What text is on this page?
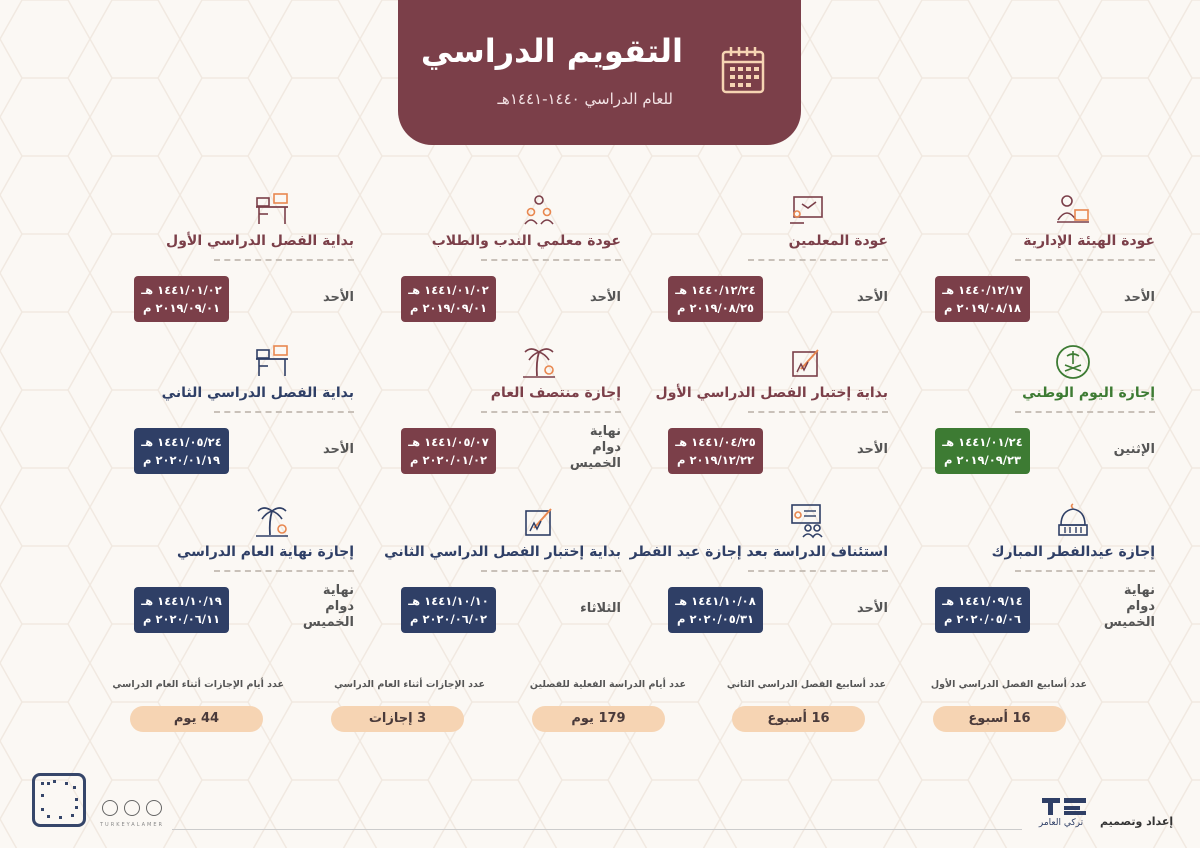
التقويم الدراسي
للعام الدراسي ١٤٤٠-١٤٤١هـ
عودة الهيئة الإدارية
الأحد
١٤٤٠/١٢/١٧ هـ
٢٠١٩/٠٨/١٨ م
عودة المعلمين
الأحد
١٤٤٠/١٢/٢٤ هـ
٢٠١٩/٠٨/٢٥ م
عودة معلمي الندب والطلاب
الأحد
١٤٤١/٠١/٠٢ هـ
٢٠١٩/٠٩/٠١ م
بداية الفصل الدراسي الأول
الأحد
١٤٤١/٠١/٠٢ هـ
٢٠١٩/٠٩/٠١ م
إجازة اليوم الوطني
الإثنين
١٤٤١/٠١/٢٤ هـ
٢٠١٩/٠٩/٢٣ م
بداية إختبار الفصل الدراسي الأول
الأحد
١٤٤١/٠٤/٢٥ هـ
٢٠١٩/١٢/٢٢ م
إجازة منتصف العام
نهاية
دوام
الخميس
١٤٤١/٠٥/٠٧ هـ
٢٠٢٠/٠١/٠٢ م
بداية الفصل الدراسي الثاني
الأحد
١٤٤١/٠٥/٢٤ هـ
٢٠٢٠/٠١/١٩ م
إجازة عيدالفطر المبارك
نهاية
دوام
الخميس
١٤٤١/٠٩/١٤ هـ
٢٠٢٠/٠٥/٠٦ م
استئناف الدراسة بعد إجازة عيد الفطر
الأحد
١٤٤١/١٠/٠٨ هـ
٢٠٢٠/٠٥/٣١ م
بداية إختبار الفصل الدراسي الثاني
الثلاثاء
١٤٤١/١٠/١٠ هـ
٢٠٢٠/٠٦/٠٢ م
إجازة نهاية العام الدراسي
نهاية
دوام
الخميس
١٤٤١/١٠/١٩ هـ
٢٠٢٠/٠٦/١١ م
عدد أسابيع الفصل الدراسي الأول
16 أسبوع
عدد أسابيع الفصل الدراسي الثاني
16 أسبوع
عدد أيام الدراسة الفعلية للفصلين
179 يوم
عدد الإجازات أثناء العام الدراسي
3 إجازات
عدد أيام الإجازات أثناء العام الدراسي
44 يوم
TURKEYALAMER	تركي العامر	إعداد وتصميم
